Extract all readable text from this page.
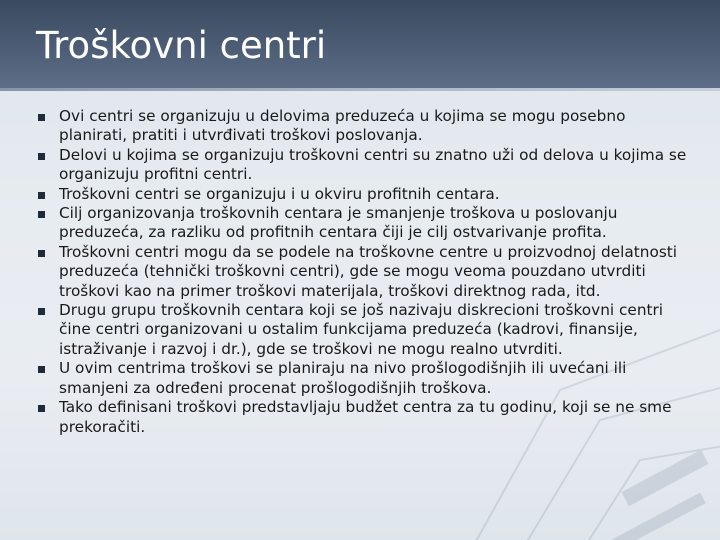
Troškovni centri
Ovi centri se organizuju u delovima preduzeća u kojima se mogu posebno planirati, pratiti i utvrđivati troškovi poslovanja.
Delovi u kojima se organizuju troškovni centri su znatno uži od delova u kojima se organizuju profitni centri.
Troškovni centri se organizuju i u okviru profitnih centara.
Cilj organizovanja troškovnih centara je smanjenje troškova u poslovanju preduzeća, za razliku od profitnih centara čiji je cilj ostvarivanje profita.
Troškovni centri mogu da se podele na troškovne centre u proizvodnoj delatnosti preduzeća (tehnički troškovni centri), gde se mogu veoma pouzdano utvrditi troškovi kao na primer troškovi materijala, troškovi direktnog rada, itd.
Drugu grupu troškovnih centara koji se još nazivaju diskrecioni troškovni centri čine centri organizovani u ostalim funkcijama preduzeća (kadrovi, finansije, istraživanje i razvoj i dr.), gde se troškovi ne mogu realno utvrditi.
U ovim centrima troškovi se planiraju na nivo prošlogodišnjih ili uvećani ili smanjeni za određeni procenat prošlogodišnjih troškova.
Tako definisani troškovi predstavljaju budžet centra za tu godinu, koji se ne sme prekoračiti.
